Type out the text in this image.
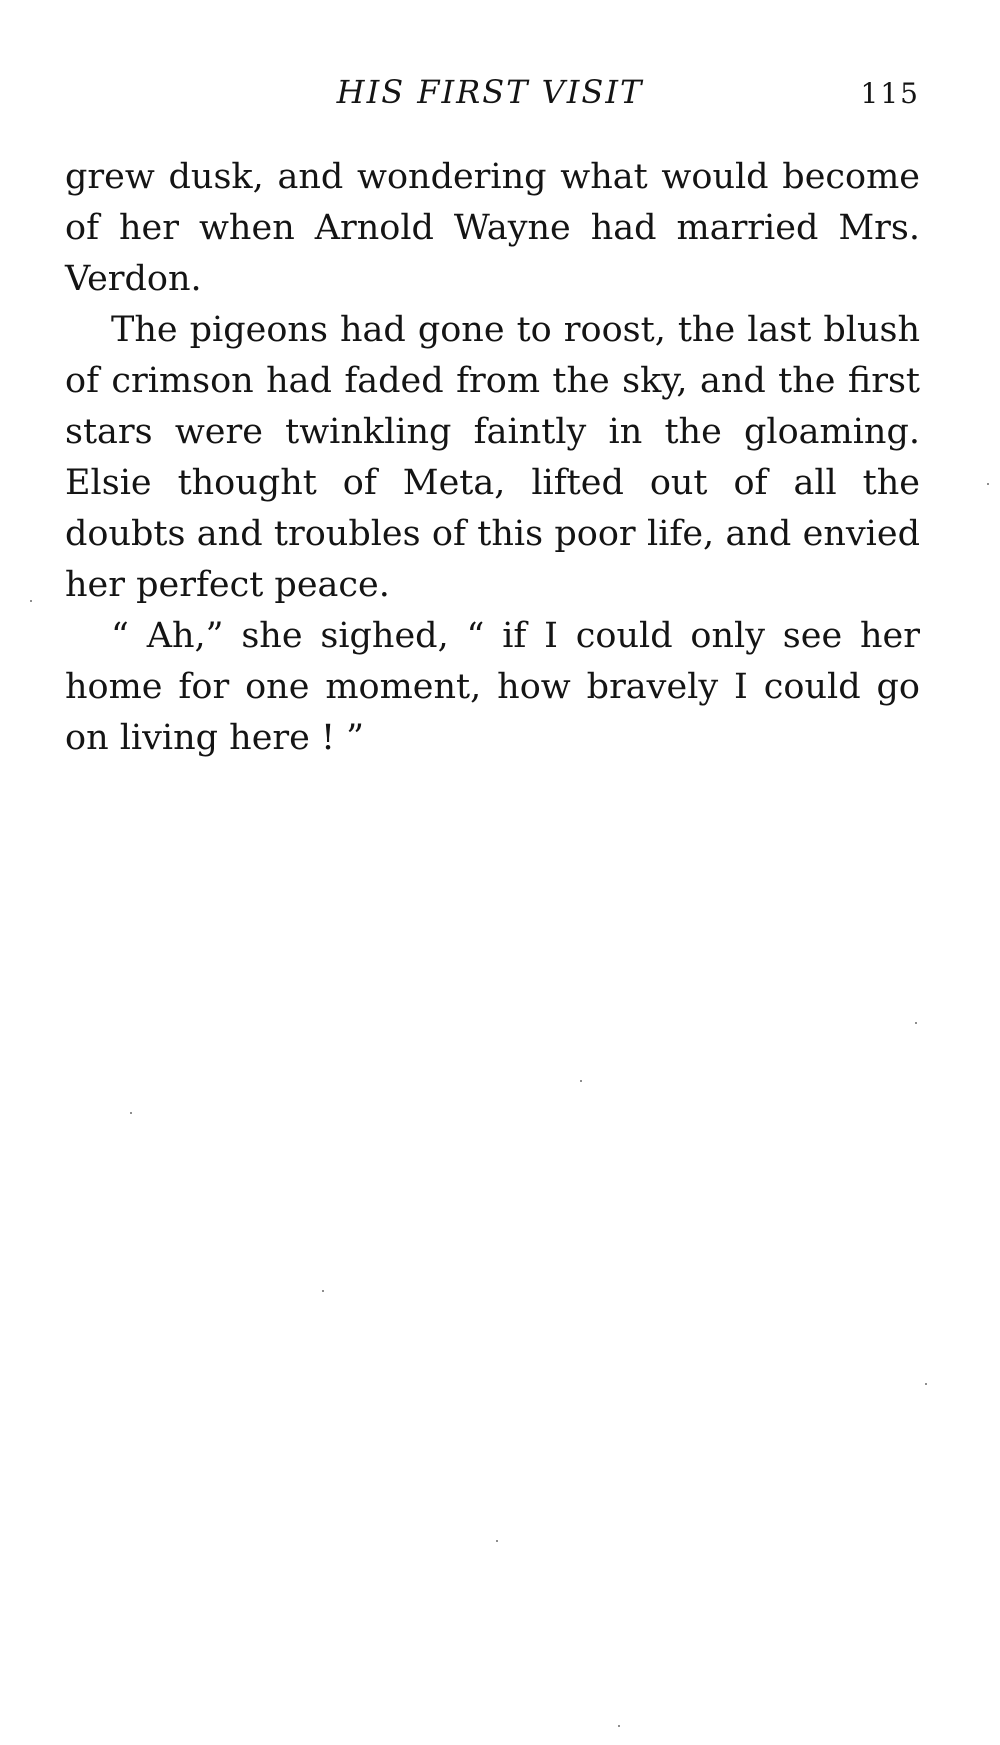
HIS FIRST VISIT	115
grew dusk, and wondering what would become
of her when Arnold Wayne had married Mrs.
Verdon.
The pigeons had gone to roost, the last blush
of crimson had faded from the sky, and the first
stars were twinkling faintly in the gloaming.
Elsie thought of Meta, lifted out of all the
doubts and troubles of this poor life, and envied
her perfect peace.
“ Ah,” she sighed, “ if I could only see her
home for one moment, how bravely I could go
on living here ! ”
